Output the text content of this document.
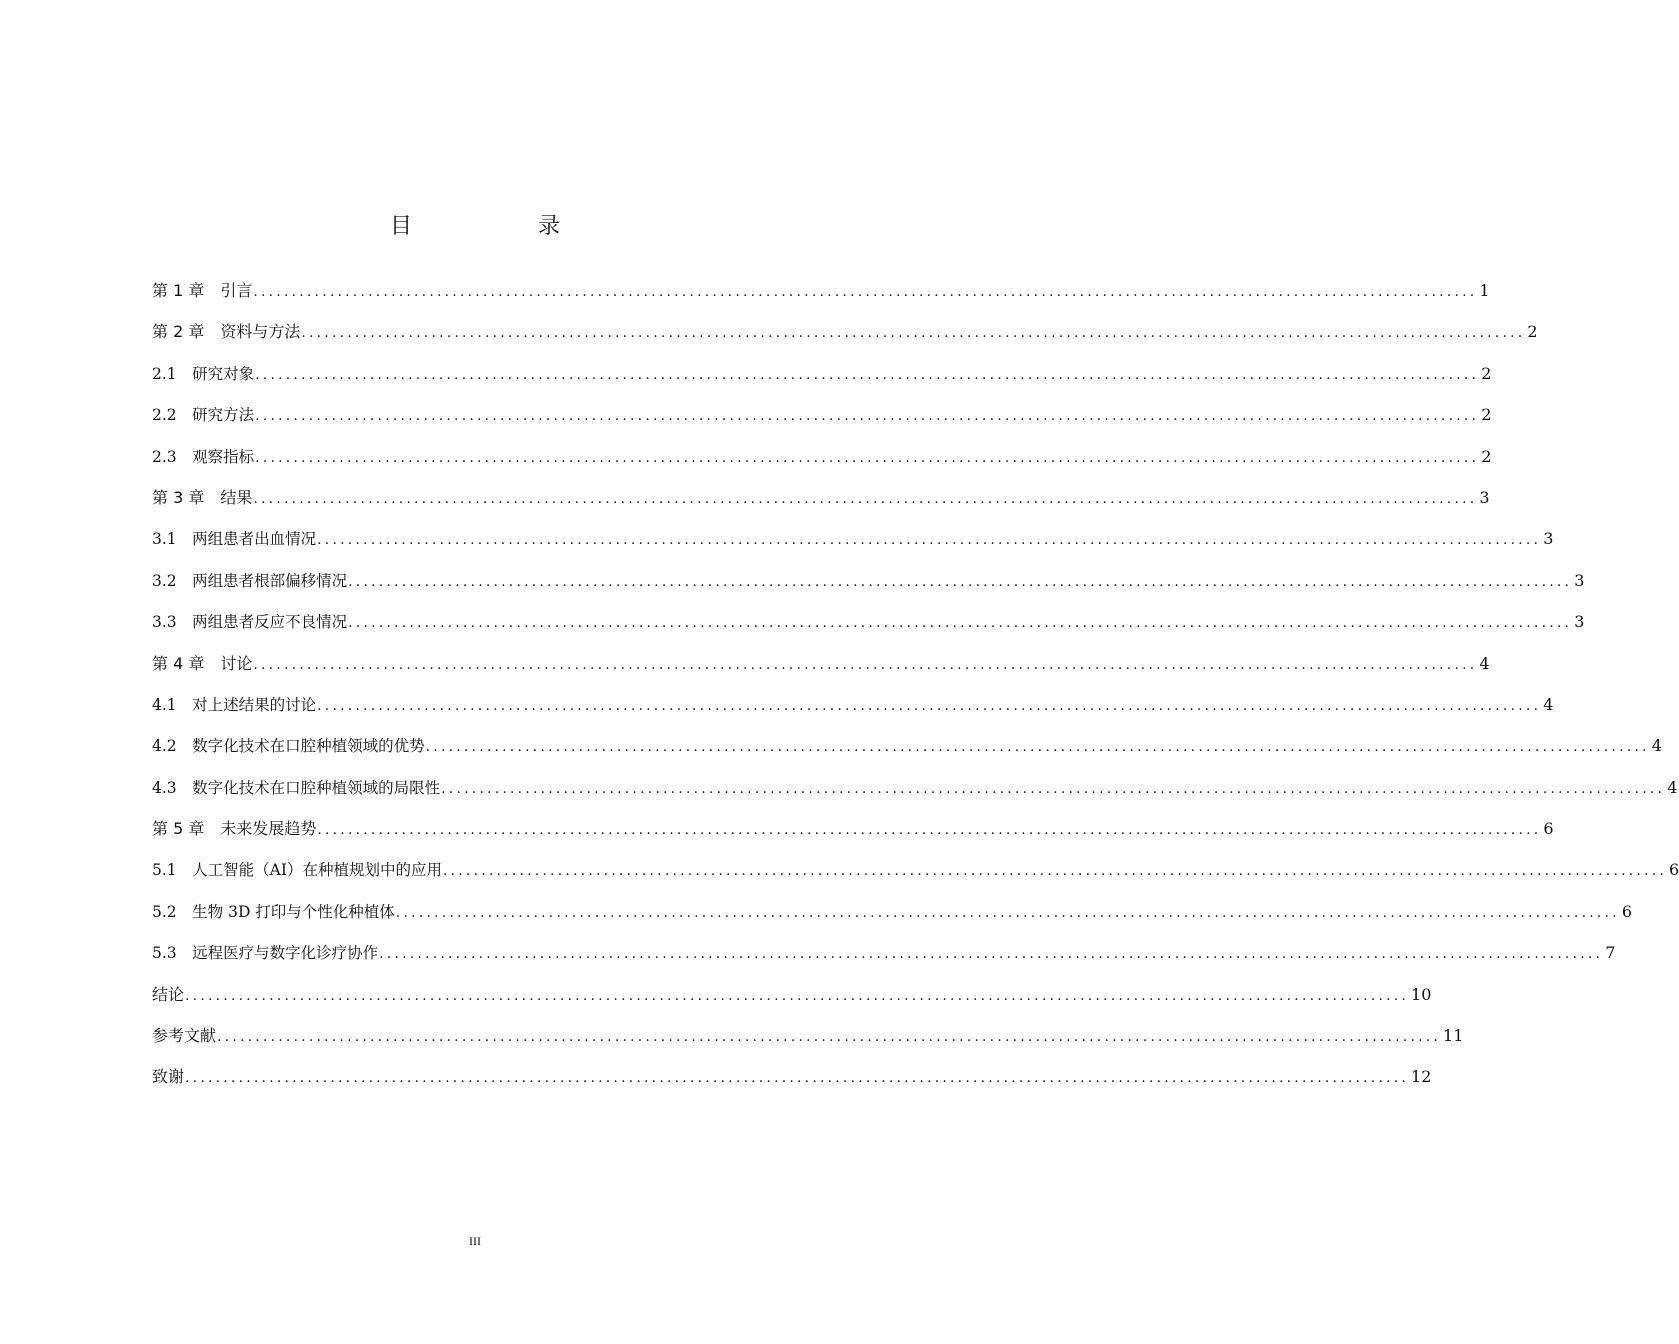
目　录
第 1 章　引言 ................................................................................................................................................................ 1
第 2 章　资料与方法 ................................................................................................................................................................ 2
2.1　研究对象 ................................................................................................................................................................ 2
2.2　研究方法 ................................................................................................................................................................ 2
2.3　观察指标 ................................................................................................................................................................ 2
第 3 章　结果 ................................................................................................................................................................ 3
3.1　两组患者出血情况 ................................................................................................................................................................ 3
3.2　两组患者根部偏移情况 ................................................................................................................................................................ 3
3.3　两组患者反应不良情况 ................................................................................................................................................................ 3
第 4 章　讨论 ................................................................................................................................................................ 4
4.1　对上述结果的讨论 ................................................................................................................................................................ 4
4.2　数字化技术在口腔种植领域的优势 ................................................................................................................................................................ 4
4.3　数字化技术在口腔种植领域的局限性 ................................................................................................................................................................ 4
第 5 章　未来发展趋势 ................................................................................................................................................................ 6
5.1　人工智能（AI）在种植规划中的应用 ................................................................................................................................................................ 6
5.2　生物 3D 打印与个性化种植体 ................................................................................................................................................................ 6
5.3　远程医疗与数字化诊疗协作 ................................................................................................................................................................ 7
结论 ................................................................................................................................................................ 10
参考文献 ................................................................................................................................................................ 11
致谢 ................................................................................................................................................................ 12
III
